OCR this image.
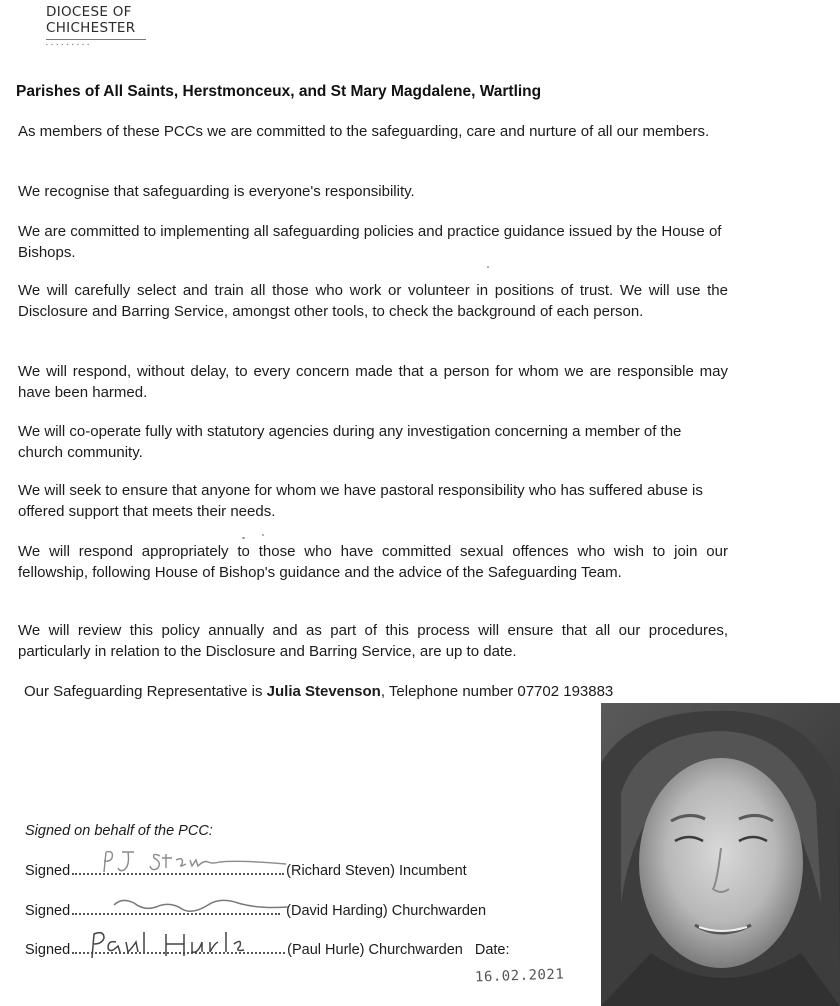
DIOCESE OF
CHICHESTER
▪ ▪ ▪ ▪ ▪ ▪ ▪ ▪ ▪
Parishes of All Saints, Herstmonceux, and St Mary Magdalene, Wartling

As members of these PCCs we are committed to the safeguarding, care and nurture of all our members.

We recognise that safeguarding is everyone's responsibility.

We are committed to implementing all safeguarding policies and practice guidance issued by the House of Bishops.

We will carefully select and train all those who work or volunteer in positions of trust. We will use the Disclosure and Barring Service, amongst other tools, to check the background of each person.

We will respond, without delay, to every concern made that a person for whom we are responsible may have been harmed.

We will co-operate fully with statutory agencies during any investigation concerning a member of the church community.

We will seek to ensure that anyone for whom we have pastoral responsibility who has suffered abuse is offered support that meets their needs.

We will respond appropriately to those who have committed sexual offences who wish to join our fellowship, following House of Bishop's guidance and the advice of the Safeguarding Team.

We will review this policy annually and as part of this process will ensure that all our procedures, particularly in relation to the Disclosure and Barring Service, are up to date.

Our Safeguarding Representative is Julia Stevenson, Telephone number 07702 193883

Signed on behalf of the PCC:
Signed	(Richard Steven) Incumbent
Signed	(David Harding) Churchwarden
Signed	(Paul Hurle) Churchwarden Date:
16.02.2021
